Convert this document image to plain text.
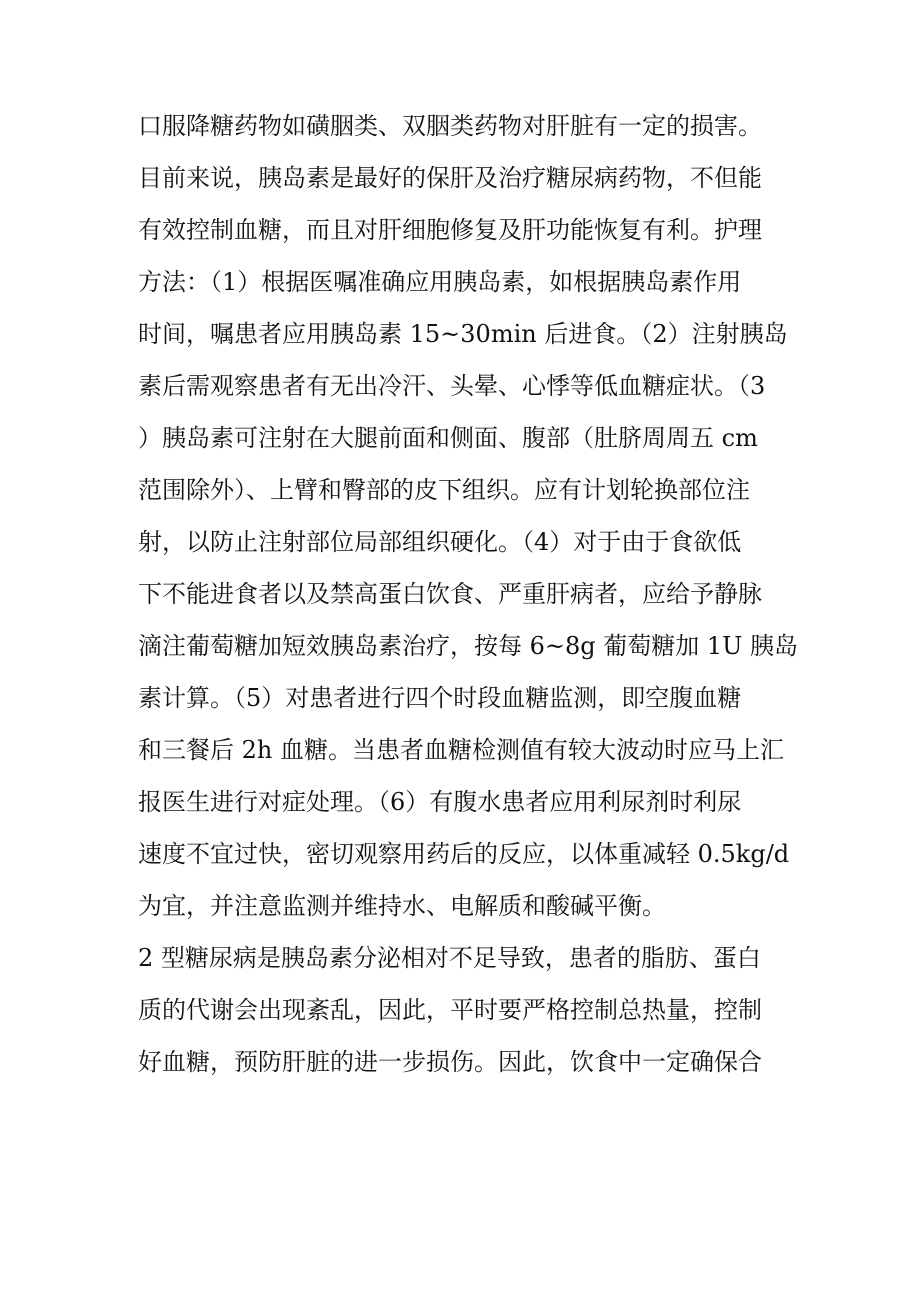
口服降糖药物如磺胭类、双胭类药物对肝脏有一定的损害。
目前来说，胰岛素是最好的保肝及治疗糖尿病药物，不但能
有效控制血糖，而且对肝细胞修复及肝功能恢复有利。护理
方法：（1）根据医嘱准确应用胰岛素，如根据胰岛素作用
时间，嘱患者应用胰岛素 15~30min 后进食。（2）注射胰岛
素后需观察患者有无出冷汗、头晕、心悸等低血糖症状。（3
）胰岛素可注射在大腿前面和侧面、腹部（肚脐周周五 cm
范围除外）、上臂和臀部的皮下组织。应有计划轮换部位注
射，以防止注射部位局部组织硬化。（4）对于由于食欲低
下不能进食者以及禁高蛋白饮食、严重肝病者，应给予静脉
滴注葡萄糖加短效胰岛素治疗，按每 6~8g 葡萄糖加 1U 胰岛
素计算。（5）对患者进行四个时段血糖监测，即空腹血糖
和三餐后 2h 血糖。当患者血糖检测值有较大波动时应马上汇
报医生进行对症处理。（6）有腹水患者应用利尿剂时利尿
速度不宜过快，密切观察用药后的反应，以体重减轻 0.5kg/d
为宜，并注意监测并维持水、电解质和酸碱平衡。
2 型糖尿病是胰岛素分泌相对不足导致，患者的脂肪、蛋白
质的代谢会出现紊乱，因此，平时要严格控制总热量，控制
好血糖，预防肝脏的进一步损伤。因此，饮食中一定确保合
